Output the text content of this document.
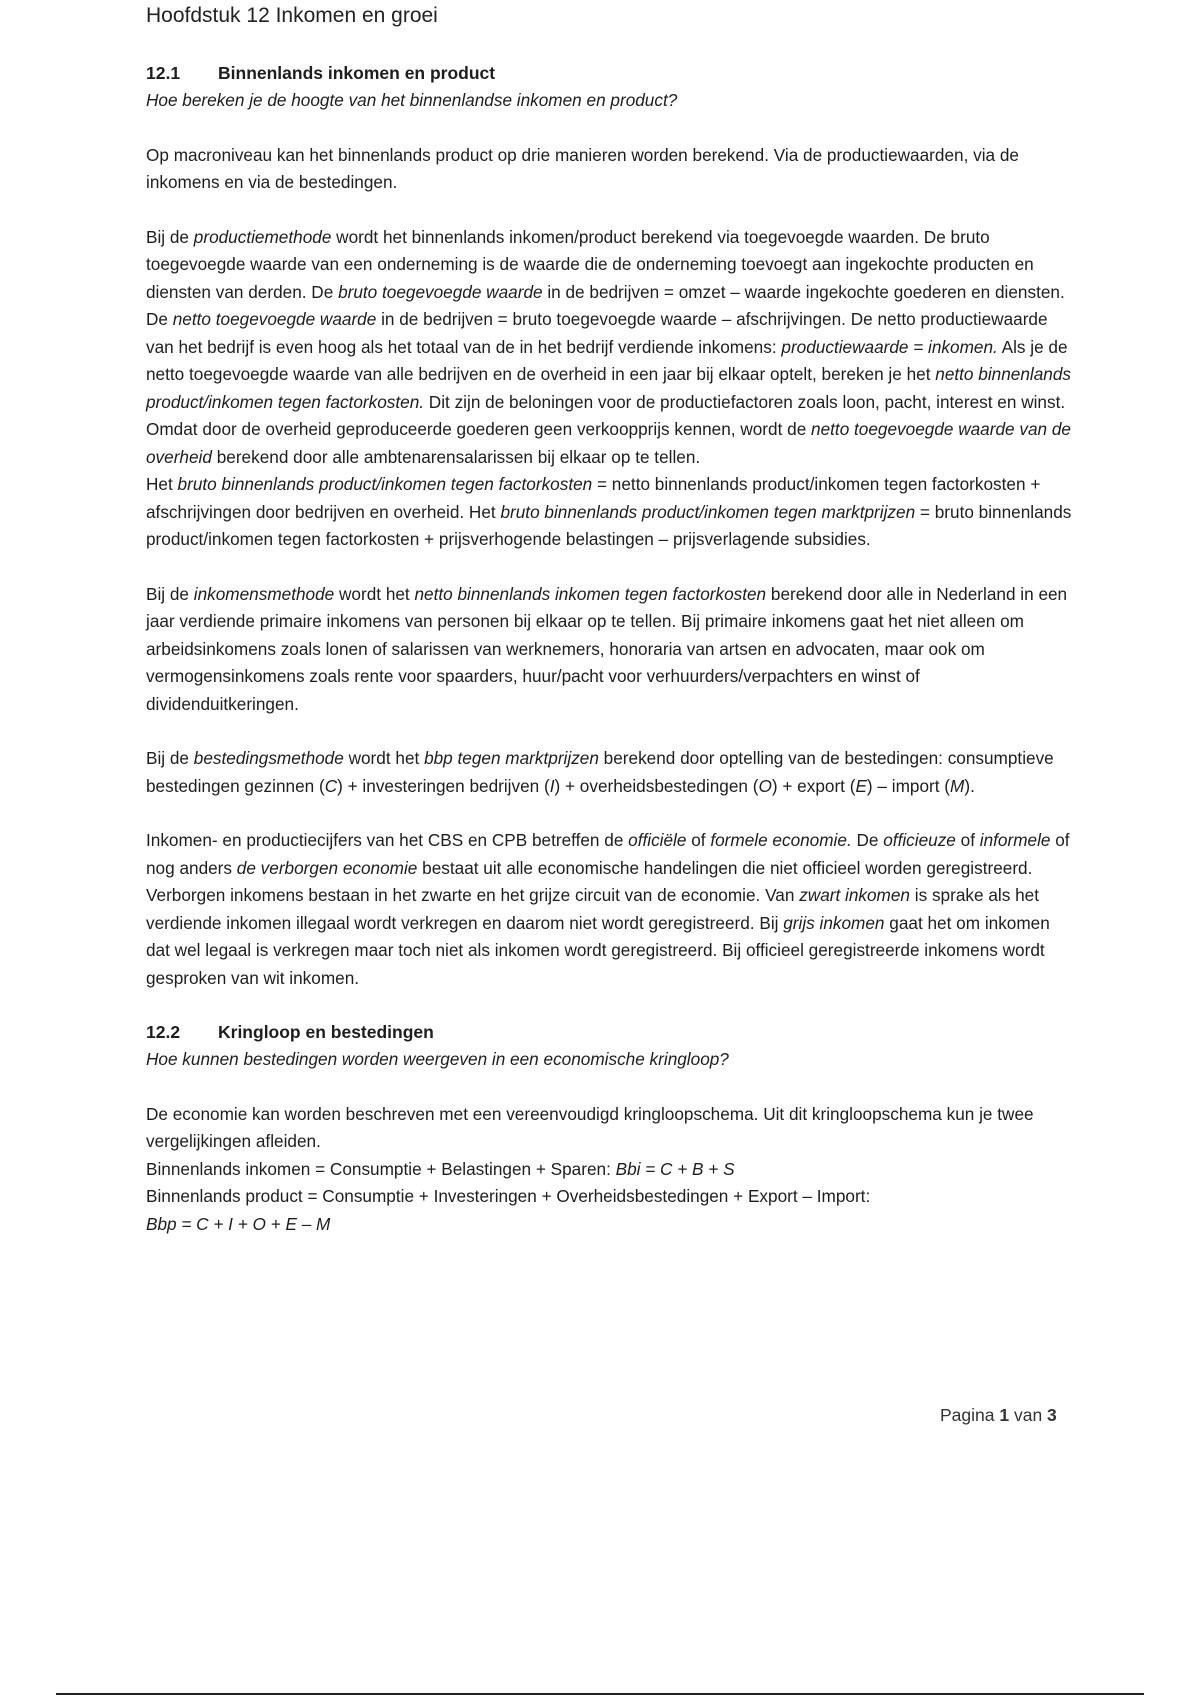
Hoofdstuk 12 Inkomen en groei

12.1 Binnenlands inkomen en product

Hoe bereken je de hoogte van het binnenlandse inkomen en product?

Op macroniveau kan het binnenlands product op drie manieren worden berekend. Via de productiewaarden, via de inkomens en via de bestedingen.

Bij de productiemethode wordt het binnenlands inkomen/product berekend via toegevoegde waarden. De bruto toegevoegde waarde van een onderneming is de waarde die de onderneming toevoegt aan ingekochte producten en diensten van derden. De bruto toegevoegde waarde in de bedrijven = omzet – waarde ingekochte goederen en diensten. De netto toegevoegde waarde in de bedrijven = bruto toegevoegde waarde – afschrijvingen. De netto productiewaarde van het bedrijf is even hoog als het totaal van de in het bedrijf verdiende inkomens: productiewaarde = inkomen. Als je de netto toegevoegde waarde van alle bedrijven en de overheid in een jaar bij elkaar optelt, bereken je het netto binnenlands product/inkomen tegen factorkosten. Dit zijn de beloningen voor de productiefactoren zoals loon, pacht, interest en winst. Omdat door de overheid geproduceerde goederen geen verkoopprijs kennen, wordt de netto toegevoegde waarde van de overheid berekend door alle ambtenarensalarissen bij elkaar op te tellen.

Het bruto binnenlands product/inkomen tegen factorkosten = netto binnenlands product/inkomen tegen factorkosten + afschrijvingen door bedrijven en overheid. Het bruto binnenlands product/inkomen tegen marktprijzen = bruto binnenlands product/inkomen tegen factorkosten + prijsverhogende belastingen – prijsverlagende subsidies.

Bij de inkomensmethode wordt het netto binnenlands inkomen tegen factorkosten berekend door alle in Nederland in een jaar verdiende primaire inkomens van personen bij elkaar op te tellen. Bij primaire inkomens gaat het niet alleen om arbeidsinkomens zoals lonen of salarissen van werknemers, honoraria van artsen en advocaten, maar ook om vermogensinkomens zoals rente voor spaarders, huur/pacht voor verhuurders/verpachters en winst of dividenduitkeringen.

Bij de bestedingsmethode wordt het bbp tegen marktprijzen berekend door optelling van de bestedingen: consumptieve bestedingen gezinnen (C) + investeringen bedrijven (I) + overheidsbestedingen (O) + export (E) – import (M).

Inkomen- en productiecijfers van het CBS en CPB betreffen de officiële of formele economie. De officieuze of informele of nog anders de verborgen economie bestaat uit alle economische handelingen die niet officieel worden geregistreerd. Verborgen inkomens bestaan in het zwarte en het grijze circuit van de economie. Van zwart inkomen is sprake als het verdiende inkomen illegaal wordt verkregen en daarom niet wordt geregistreerd. Bij grijs inkomen gaat het om inkomen dat wel legaal is verkregen maar toch niet als inkomen wordt geregistreerd. Bij officieel geregistreerde inkomens wordt gesproken van wit inkomen.

12.2 Kringloop en bestedingen

Hoe kunnen bestedingen worden weergeven in een economische kringloop?

De economie kan worden beschreven met een vereenvoudigd kringloopschema. Uit dit kringloopschema kun je twee vergelijkingen afleiden.

Binnenlands inkomen = Consumptie + Belastingen + Sparen: Bbi = C + B + S

Binnenlands product = Consumptie + Investeringen + Overheidsbestedingen + Export – Import:

Bbp = C + I + O + E – M

Pagina 1 van 3
